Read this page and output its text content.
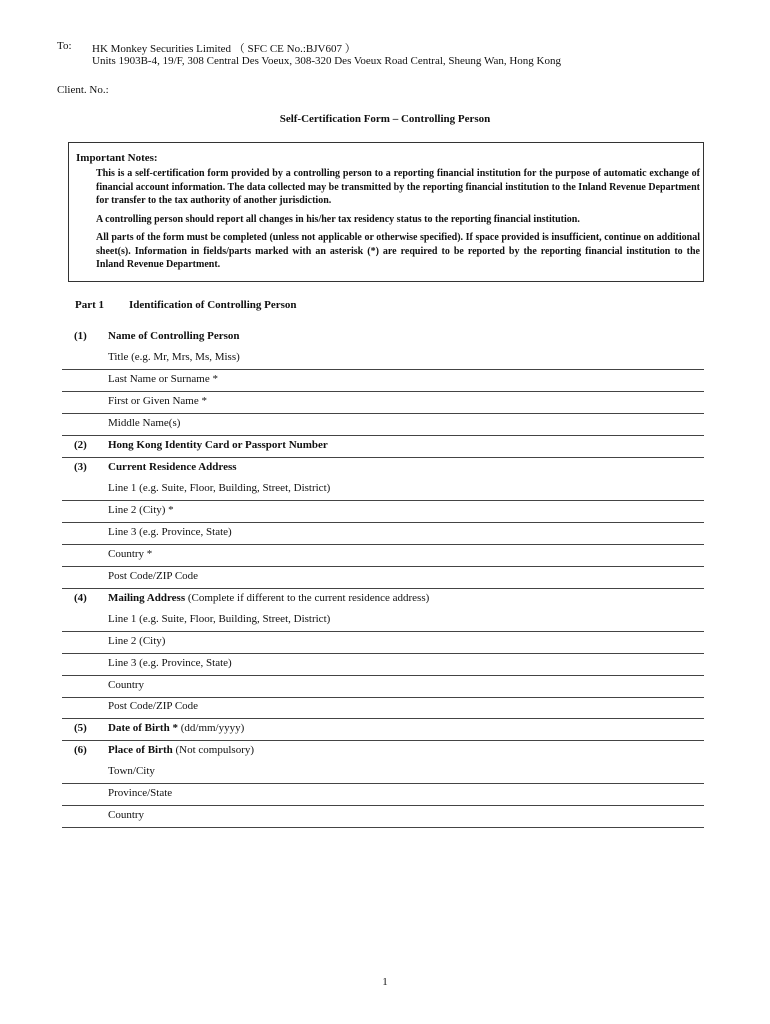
To: HK Monkey Securities Limited （ SFC CE No.:BJV607 ）
Units 1903B-4, 19/F, 308 Central Des Voeux, 308-320 Des Voeux Road Central, Sheung Wan, Hong Kong
Client. No.:
Self-Certification Form – Controlling Person
Important Notes:
This is a self-certification form provided by a controlling person to a reporting financial institution for the purpose of automatic exchange of financial account information. The data collected may be transmitted by the reporting financial institution to the Inland Revenue Department for transfer to the tax authority of another jurisdiction.
A controlling person should report all changes in his/her tax residency status to the reporting financial institution.
All parts of the form must be completed (unless not applicable or otherwise specified). If space provided is insufficient, continue on additional sheet(s). Information in fields/parts marked with an asterisk (*) are required to be reported by the reporting financial institution to the Inland Revenue Department.
Part 1 Identification of Controlling Person
(1) Name of Controlling Person
Title (e.g. Mr, Mrs, Ms, Miss)
Last Name or Surname *
First or Given Name *
Middle Name(s)
(2) Hong Kong Identity Card or Passport Number
(3) Current Residence Address
Line 1 (e.g. Suite, Floor, Building, Street, District)
Line 2 (City) *
Line 3 (e.g. Province, State)
Country *
Post Code/ZIP Code
(4) Mailing Address (Complete if different to the current residence address)
Line 1 (e.g. Suite, Floor, Building, Street, District)
Line 2 (City)
Line 3 (e.g. Province, State)
Country
Post Code/ZIP Code
(5) Date of Birth * (dd/mm/yyyy)
(6) Place of Birth (Not compulsory)
Town/City
Province/State
Country
1
